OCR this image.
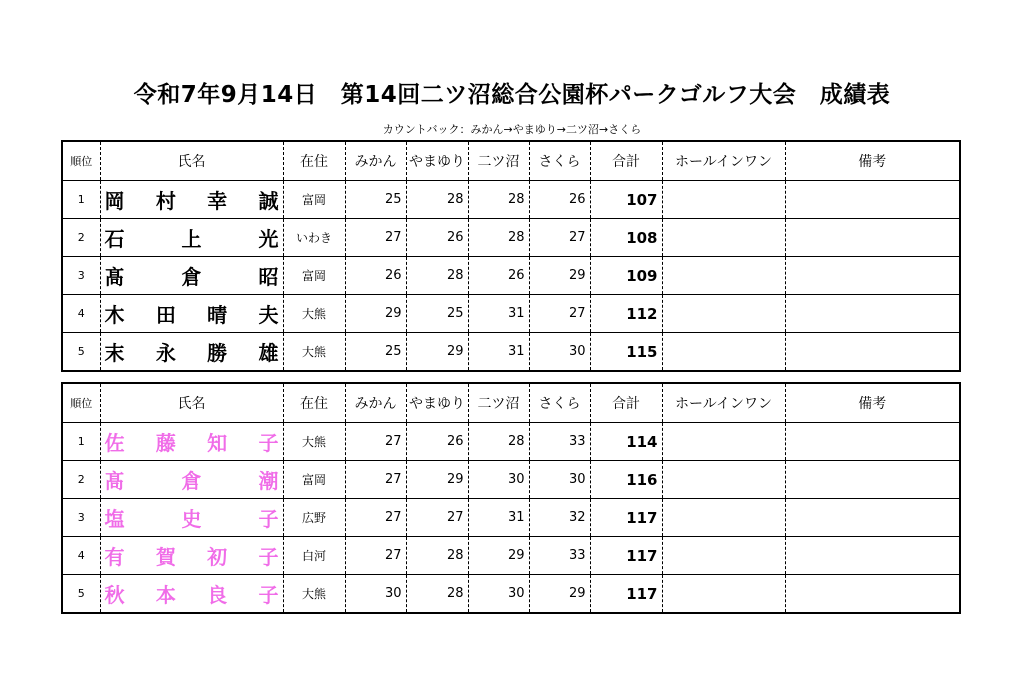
令和7年9月14日　第14回二ツ沼総合公園杯パークゴルフ大会　成績表
カウントバック：みかん→やまゆり→二ツ沼→さくら
順位	氏名	在住	みかん	やまゆり	二ツ沼	さくら	合計	ホールインワン	備考
1	岡 村 幸 誠	富岡	25	28	28	26	107		
2	石 上 光	いわき	27	26	28	27	108		
3	髙 倉 昭	富岡	26	28	26	29	109		
4	木 田 晴 夫	大熊	29	25	31	27	112		
5	末 永 勝 雄	大熊	25	29	31	30	115		
順位	氏名	在住	みかん	やまゆり	二ツ沼	さくら	合計	ホールインワン	備考
1	佐 藤 知 子	大熊	27	26	28	33	114		
2	髙 倉 潮	富岡	27	29	30	30	116		
3	塩 史 子	広野	27	27	31	32	117		
4	有 賀 初 子	白河	27	28	29	33	117		
5	秋 本 良 子	大熊	30	28	30	29	117		
